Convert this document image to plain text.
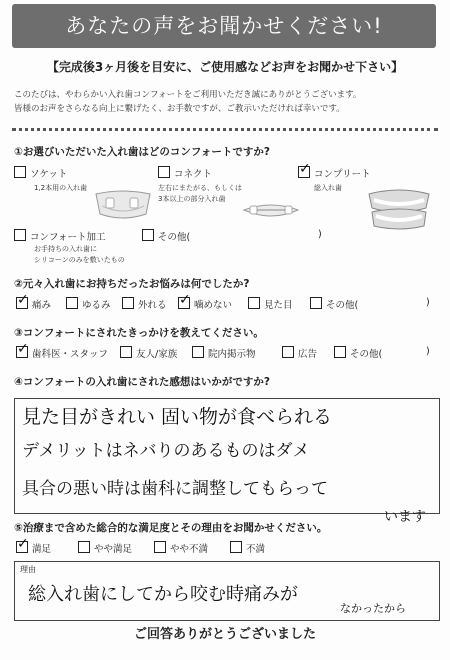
あなたの声をお聞かせください!
【完成後3ヶ月後を目安に、ご使用感などお声をお聞かせ下さい】
このたびは、やわらかい入れ歯コンフォートをご利用いただき誠にありがとうございます。
皆様のお声をさらなる向上に繋げたく、お手数ですが、ご教示いただければ幸いです。
①お選びいただいた入れ歯はどのコンフォートですか?
ソケット
1,2本用の入れ歯
コネクト
左右にまたがる、もしくは
3本以上の部分入れ歯
✓コンプリート
総入れ歯
コンフォート加工
お手持ちの入れ歯に
シリコーンのみを敷いたもの
その他(	)
②元々入れ歯にお持ちだったお悩みは何でしたか?
✓痛み	ゆるみ	外れる
✓	噛めない	見た目	その他(	)
③コンフォートにされたきっかけを教えてください。
✓歯科医・スタッフ	友人/家族	院内掲示物	広告	その他(	)
④コンフォートの入れ歯にされた感想はいかがですか?
見た目がきれい 固い物が食べられる
デメリットはネバりのあるものはダメ
具合の悪い時は歯科に調整してもらって
⑤治療まで含めた総合的な満足度とその理由をお聞かせください。
います
✓満足	やや満足	やや不満	不満
理由
総入れ歯にしてから咬む時痛みが
なかったから
ご回答ありがとうございました
